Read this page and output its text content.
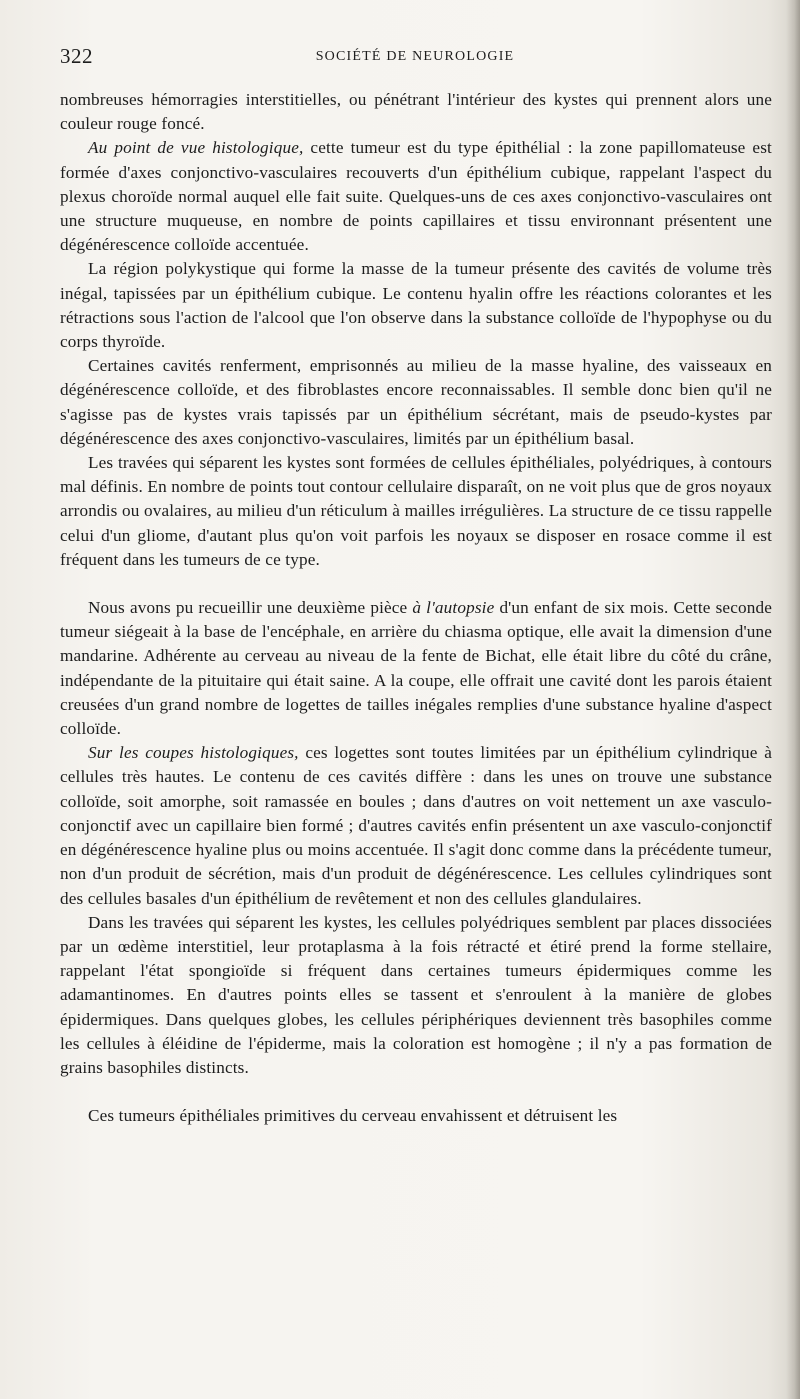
322	SOCIÉTÉ DE NEUROLOGIE

nombreuses hémorragies interstitielles, ou pénétrant l'intérieur des kystes qui prennent alors une couleur rouge foncé.

Au point de vue histologique, cette tumeur est du type épithélial : la zone papillomateuse est formée d'axes conjonctivo-vasculaires recouverts d'un épithélium cubique, rappelant l'aspect du plexus choroïde normal auquel elle fait suite. Quelques-uns de ces axes conjonctivo-vasculaires ont une structure muqueuse, en nombre de points capillaires et tissu environnant présentent une dégénérescence colloïde accentuée.

La région polykystique qui forme la masse de la tumeur présente des cavités de volume très inégal, tapissées par un épithélium cubique. Le contenu hyalin offre les réactions colorantes et les rétractions sous l'action de l'alcool que l'on observe dans la substance colloïde de l'hypophyse ou du corps thyroïde.

Certaines cavités renferment, emprisonnés au milieu de la masse hyaline, des vaisseaux en dégénérescence colloïde, et des fibroblastes encore reconnaissables. Il semble donc bien qu'il ne s'agisse pas de kystes vrais tapissés par un épithélium sécrétant, mais de pseudo-kystes par dégénérescence des axes conjonctivo-vasculaires, limités par un épithélium basal.

Les travées qui séparent les kystes sont formées de cellules épithéliales, polyédriques, à contours mal définis. En nombre de points tout contour cellulaire disparaît, on ne voit plus que de gros noyaux arrondis ou ovalaires, au milieu d'un réticulum à mailles irrégulières. La structure de ce tissu rappelle celui d'un gliome, d'autant plus qu'on voit parfois les noyaux se disposer en rosace comme il est fréquent dans les tumeurs de ce type.

Nous avons pu recueillir une deuxième pièce à l'autopsie d'un enfant de six mois. Cette seconde tumeur siégeait à la base de l'encéphale, en arrière du chiasma optique, elle avait la dimension d'une mandarine. Adhérente au cerveau au niveau de la fente de Bichat, elle était libre du côté du crâne, indépendante de la pituitaire qui était saine. A la coupe, elle offrait une cavité dont les parois étaient creusées d'un grand nombre de logettes de tailles inégales remplies d'une substance hyaline d'aspect colloïde.

Sur les coupes histologiques, ces logettes sont toutes limitées par un épithélium cylindrique à cellules très hautes. Le contenu de ces cavités diffère : dans les unes on trouve une substance colloïde, soit amorphe, soit ramassée en boules ; dans d'autres on voit nettement un axe vasculo-conjonctif avec un capillaire bien formé ; d'autres cavités enfin présentent un axe vasculo-conjonctif en dégénérescence hyaline plus ou moins accentuée. Il s'agit donc comme dans la précédente tumeur, non d'un produit de sécrétion, mais d'un produit de dégénérescence. Les cellules cylindriques sont des cellules basales d'un épithélium de revêtement et non des cellules glandulaires.

Dans les travées qui séparent les kystes, les cellules polyédriques semblent par places dissociées par un œdème interstitiel, leur protaplasma à la fois rétracté et étiré prend la forme stellaire, rappelant l'état spongioïde si fréquent dans certaines tumeurs épidermiques comme les adamantinomes. En d'autres points elles se tassent et s'enroulent à la manière de globes épidermiques. Dans quelques globes, les cellules périphériques deviennent très basophiles comme les cellules à éléidine de l'épiderme, mais la coloration est homogène ; il n'y a pas formation de grains basophiles distincts.

Ces tumeurs épithéliales primitives du cerveau envahissent et détruisent les
